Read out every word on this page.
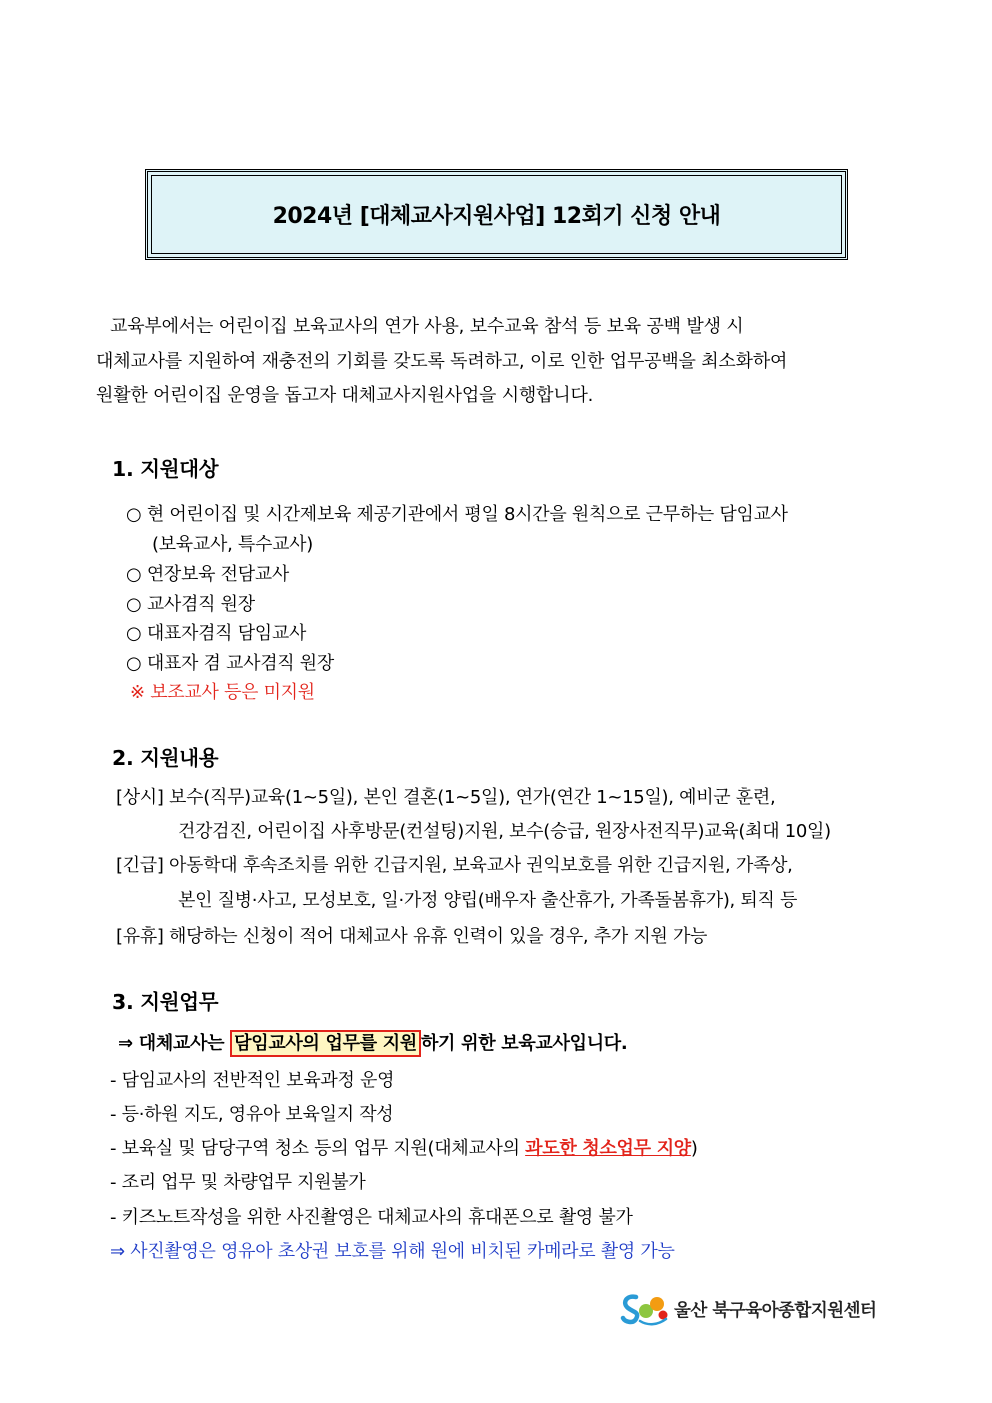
2024년 [대체교사지원사업] 12회기 신청 안내

교육부에서는 어린이집 보육교사의 연가 사용, 보수교육 참석 등 보육 공백 발생 시

대체교사를 지원하여 재충전의 기회를 갖도록 독려하고, 이로 인한 업무공백을 최소화하여

원활한 어린이집 운영을 돕고자 대체교사지원사업을 시행합니다.

1. 지원대상
○ 현 어린이집 및 시간제보육 제공기관에서 평일 8시간을 원칙으로 근무하는 담임교사
(보육교사, 특수교사)
○ 연장보육 전담교사
○ 교사겸직 원장
○ 대표자겸직 담임교사
○ 대표자 겸 교사겸직 원장
※ 보조교사 등은 미지원
2. 지원내용
[상시] 보수(직무)교육(1~5일), 본인 결혼(1~5일), 연가(연간 1~15일), 예비군 훈련,
건강검진, 어린이집 사후방문(컨설팅)지원, 보수(승급, 원장사전직무)교육(최대 10일)
[긴급] 아동학대 후속조치를 위한 긴급지원, 보육교사 권익보호를 위한 긴급지원, 가족상,
본인 질병·사고, 모성보호, 일·가정 양립(배우자 출산휴가, 가족돌봄휴가), 퇴직 등
[유휴] 해당하는 신청이 적어 대체교사 유휴 인력이 있을 경우, 추가 지원 가능
3. 지원업무
⇒ 대체교사는 담임교사의 업무를 지원 하기 위한 보육교사입니다.
- 담임교사의 전반적인 보육과정 운영
- 등·하원 지도, 영유아 보육일지 작성
- 보육실 및 담당구역 청소 등의 업무 지원(대체교사의 과도한 청소업무 지양)
- 조리 업무 및 차량업무 지원불가
- 키즈노트작성을 위한 사진촬영은 대체교사의 휴대폰으로 촬영 불가
⇒ 사진촬영은 영유아 초상권 보호를 위해 원에 비치된 카메라로 촬영 가능
울산 북구육아종합지원센터
